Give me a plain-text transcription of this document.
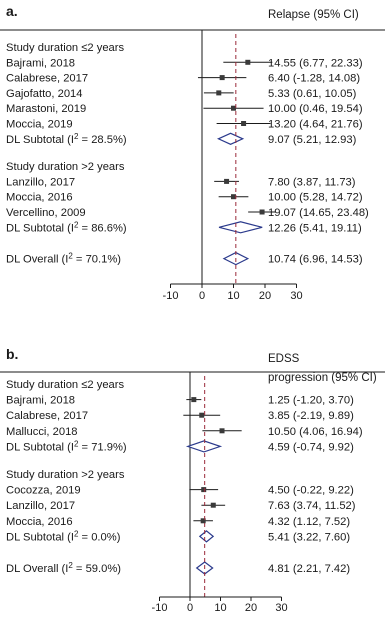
a.	Relapse (95% CI)
Study duration ≤2 years
Bajrami, 2018	14.55 (6.77, 22.33)
Calabrese, 2017	6.40 (-1.28, 14.08)
Gajofatto, 2014	5.33 (0.61, 10.05)
Marastoni, 2019	10.00 (0.46, 19.54)
Moccia, 2019	13.20 (4.64, 21.76)
DL Subtotal $(I^2 = 28.5\%)$	9.07 (5.21, 12.93)
Study duration >2 years
Lanzillo, 2017	7.80 (3.87, 11.73)
Moccia, 2016	10.00 (5.28, 14.72)
Vercellino, 2009	19.07 (14.65, 23.48)
DL Subtotal $(I^2 = 86.6\%)$	12.26 (5.41, 19.11)
DL Overall $(I^2 = 70.1\%)$	10.74 (6.96, 14.53)
-10 0 10 20 30
b.	EDSS
progression (95% CI)
Study duration ≤2 years
Bajrami, 2018	1.25 (-1.20, 3.70)
Calabrese, 2017	3.85 (-2.19, 9.89)
Mallucci, 2018	10.50 (4.06, 16.94)
DL Subtotal $(I^2 = 71.9\%)$	4.59 (-0.74, 9.92)
Study duration >2 years
Cocozza, 2019	4.50 (-0.22, 9.22)
Lanzillo, 2017	7.63 (3.74, 11.52)
Moccia, 2016	4.32 (1.12, 7.52)
DL Subtotal $(I^2 = 0.0\%)$	5.41 (3.22, 7.60)
DL Overall $(I^2 = 59.0\%)$	4.81 (2.21, 7.42)
-10 0 10 20 30
